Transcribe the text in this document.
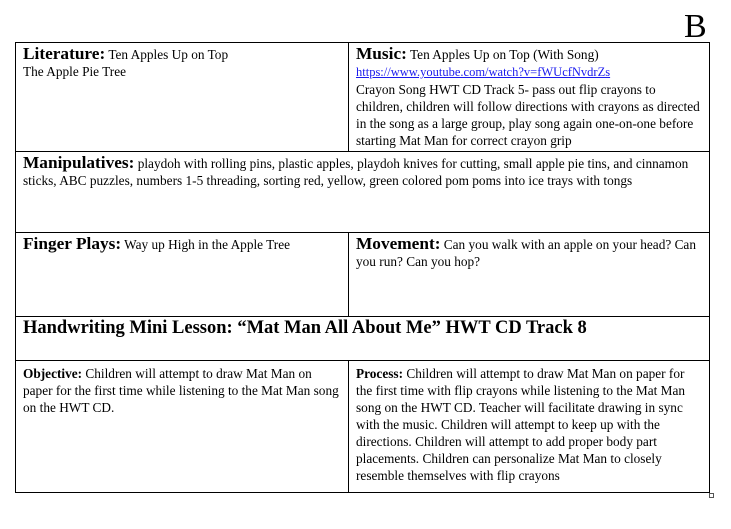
B
Literature: Ten Apples Up on Top
The Apple Pie Tree
Music: Ten Apples Up on Top (With Song)
https://www.youtube.com/watch?v=fWUcfNvdrZs
Crayon Song HWT CD Track 5- pass out flip crayons to children, children will follow directions with crayons as directed in the song as a large group, play song again one-on-one before starting Mat Man for correct crayon grip
Manipulatives: playdoh with rolling pins, plastic apples, playdoh knives for cutting, small apple pie tins, and cinnamon sticks, ABC puzzles, numbers 1-5 threading, sorting red, yellow, green colored pom poms into ice trays with tongs
Finger Plays: Way up High in the Apple Tree	Movement: Can you walk with an apple on your head? Can you run? Can you hop?
Handwriting Mini Lesson: “Mat Man All About Me” HWT CD Track 8
Objective: Children will attempt to draw Mat Man on paper for the first time while listening to the Mat Man song on the HWT CD.
Process: Children will attempt to draw Mat Man on paper for the first time with flip crayons while listening to the Mat Man song on the HWT CD. Teacher will facilitate drawing in sync with the music. Children will attempt to keep up with the directions. Children will attempt to add proper body part placements. Children can personalize Mat Man to closely resemble themselves with flip crayons
